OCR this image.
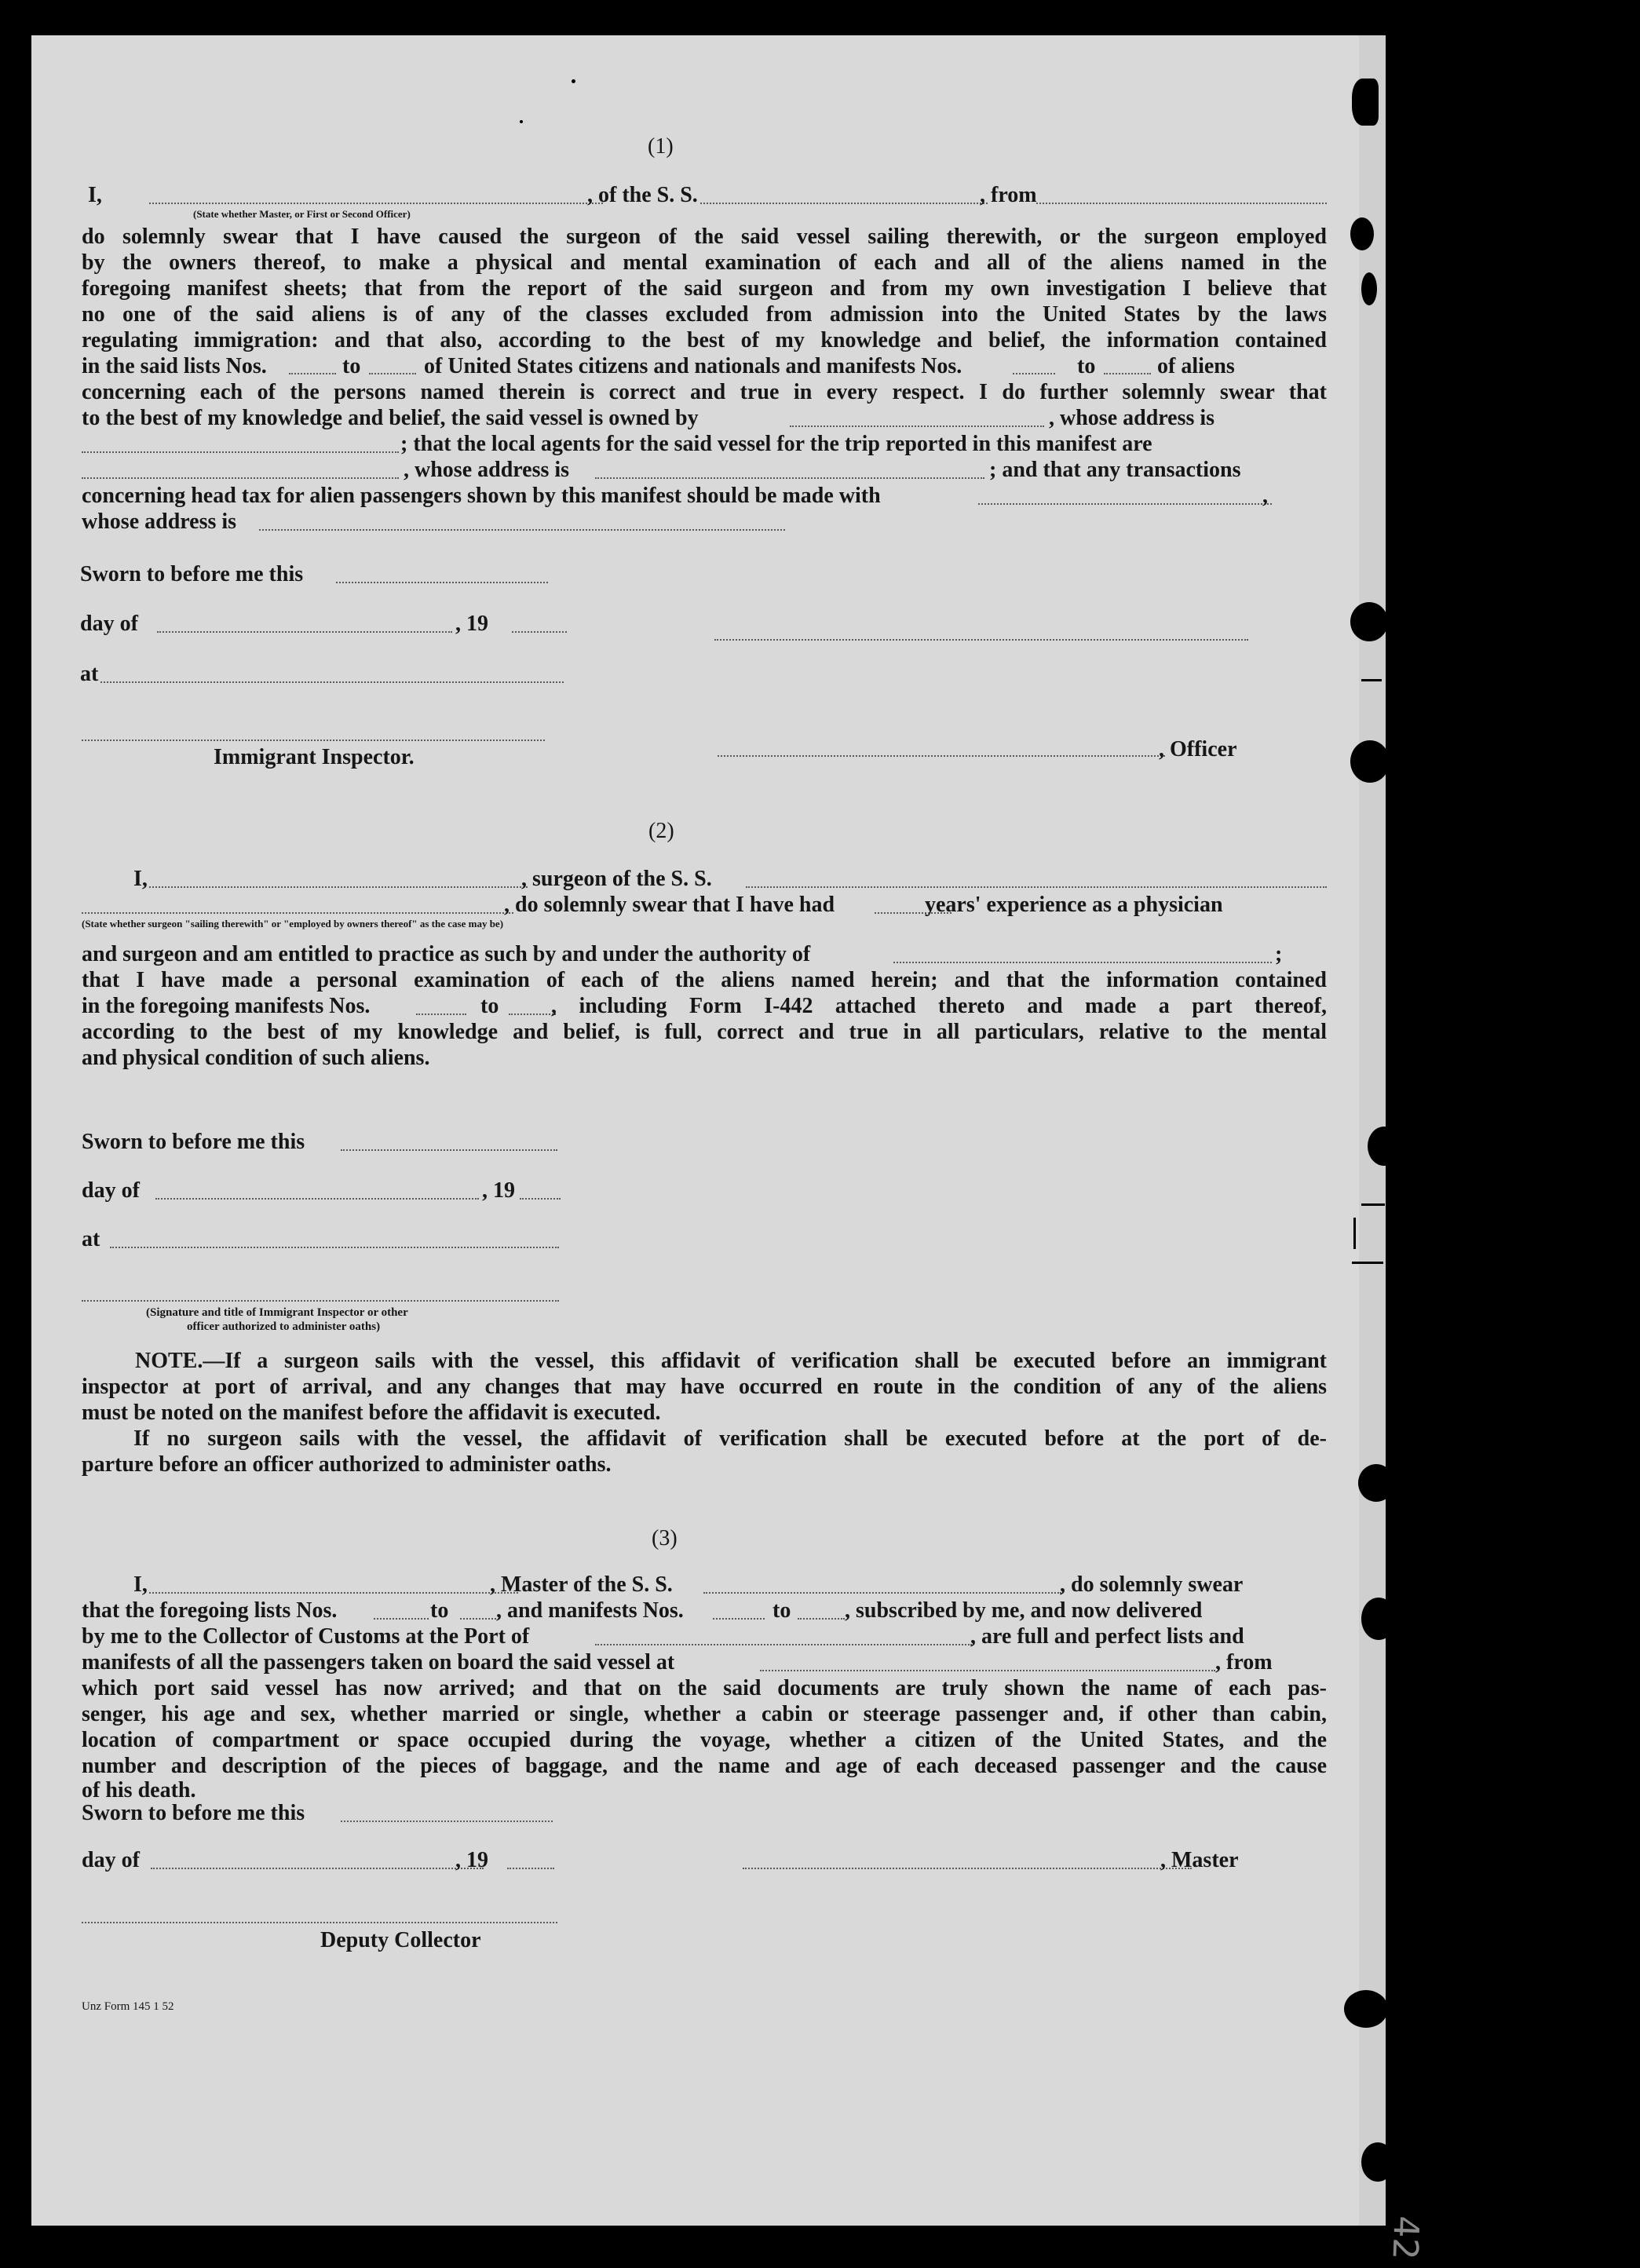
(1)
I,	, of the S. S.	, from
(State whether Master, or First or Second Officer)
do solemnly swear that I have caused the surgeon of the said vessel sailing therewith, or the surgeon employed
by the owners thereof, to make a physical and mental examination of each and all of the aliens named in the
foregoing manifest sheets; that from the report of the said surgeon and from my own investigation I believe that
no one of the said aliens is of any of the classes excluded from admission into the United States by the laws
regulating immigration: and that also, according to the best of my knowledge and belief, the information contained
in the said lists Nos.	to	of United States citizens and nationals and manifests Nos.	to	of aliens
concerning each of the persons named therein is correct and true in every respect. I do further solemnly swear that
to the best of my knowledge and belief, the said vessel is owned by	, whose address is
; that the local agents for the said vessel for the trip reported in this manifest are
, whose address is	; and that any transactions
concerning head tax for alien passengers shown by this manifest should be made with	,
whose address is
Sworn to before me this
day of	, 19
at
Immigrant Inspector.	, Officer
(2)
I,	, surgeon of the S. S.
, do solemnly swear that I have had	years' experience as a physician
(State whether surgeon "sailing therewith" or "employed by owners thereof" as the case may be)
and surgeon and am entitled to practice as such by and under the authority of	;
that I have made a personal examination of each of the aliens named herein; and that the information contained
in the foregoing manifests Nos.	to , including Form I-442 attached thereto and made a part thereof,
according to the best of my knowledge and belief, is full, correct and true in all particulars, relative to the mental
and physical condition of such aliens.
Sworn to before me this
day of	, 19
at
(Signature and title of Immigrant Inspector or other
officer authorized to administer oaths)
NOTE.—If a surgeon sails with the vessel, this affidavit of verification shall be executed before an immigrant
inspector at port of arrival, and any changes that may have occurred en route in the condition of any of the aliens
must be noted on the manifest before the affidavit is executed.
If no surgeon sails with the vessel, the affidavit of verification shall be executed before at the port of de-
parture before an officer authorized to administer oaths.
(3)
I,	, Master of the S. S.	, do solemnly swear
that the foregoing lists Nos.	to , and manifests Nos.	to , subscribed by me, and now delivered
by me to the Collector of Customs at the Port of	, are full and perfect lists and
manifests of all the passengers taken on board the said vessel at	, from
which port said vessel has now arrived; and that on the said documents are truly shown the name of each pas-
senger, his age and sex, whether married or single, whether a cabin or steerage passenger and, if other than cabin,
location of compartment or space occupied during the voyage, whether a citizen of the United States, and the
number and description of the pieces of baggage, and the name and age of each deceased passenger and the cause
of his death.
Sworn to before me this
day of	, 19	, Master
Deputy Collector
Unz Form 145 1 52
42
